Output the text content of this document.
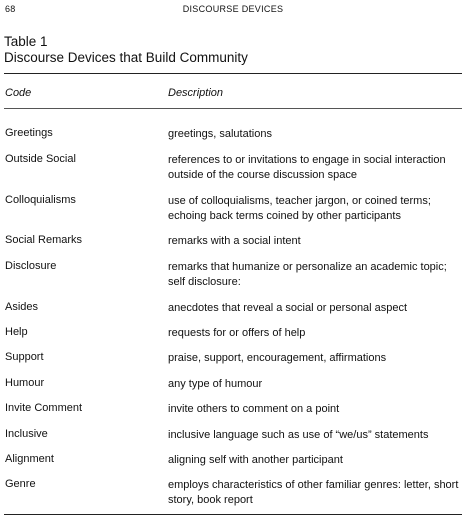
68	DISCOURSE DEVICES
Table 1
Discourse Devices that Build Community
Code	Description
Greetings	greetings, salutations
Outside Social	references to or invitations to engage in social interaction outside of the course discussion space
Colloquialisms	use of colloquialisms, teacher jargon, or coined terms; echoing back terms coined by other participants
Social Remarks	remarks with a social intent
Disclosure	remarks that humanize or personalize an academic topic; self disclosure:
Asides	anecdotes that reveal a social or personal aspect
Help	requests for or offers of help
Support	praise, support, encouragement, affirmations
Humour	any type of humour
Invite Comment	invite others to comment on a point
Inclusive	inclusive language such as use of “we/us” statements
Alignment	aligning self with another participant
Genre	employs characteristics of other familiar genres: letter, short story, book report
